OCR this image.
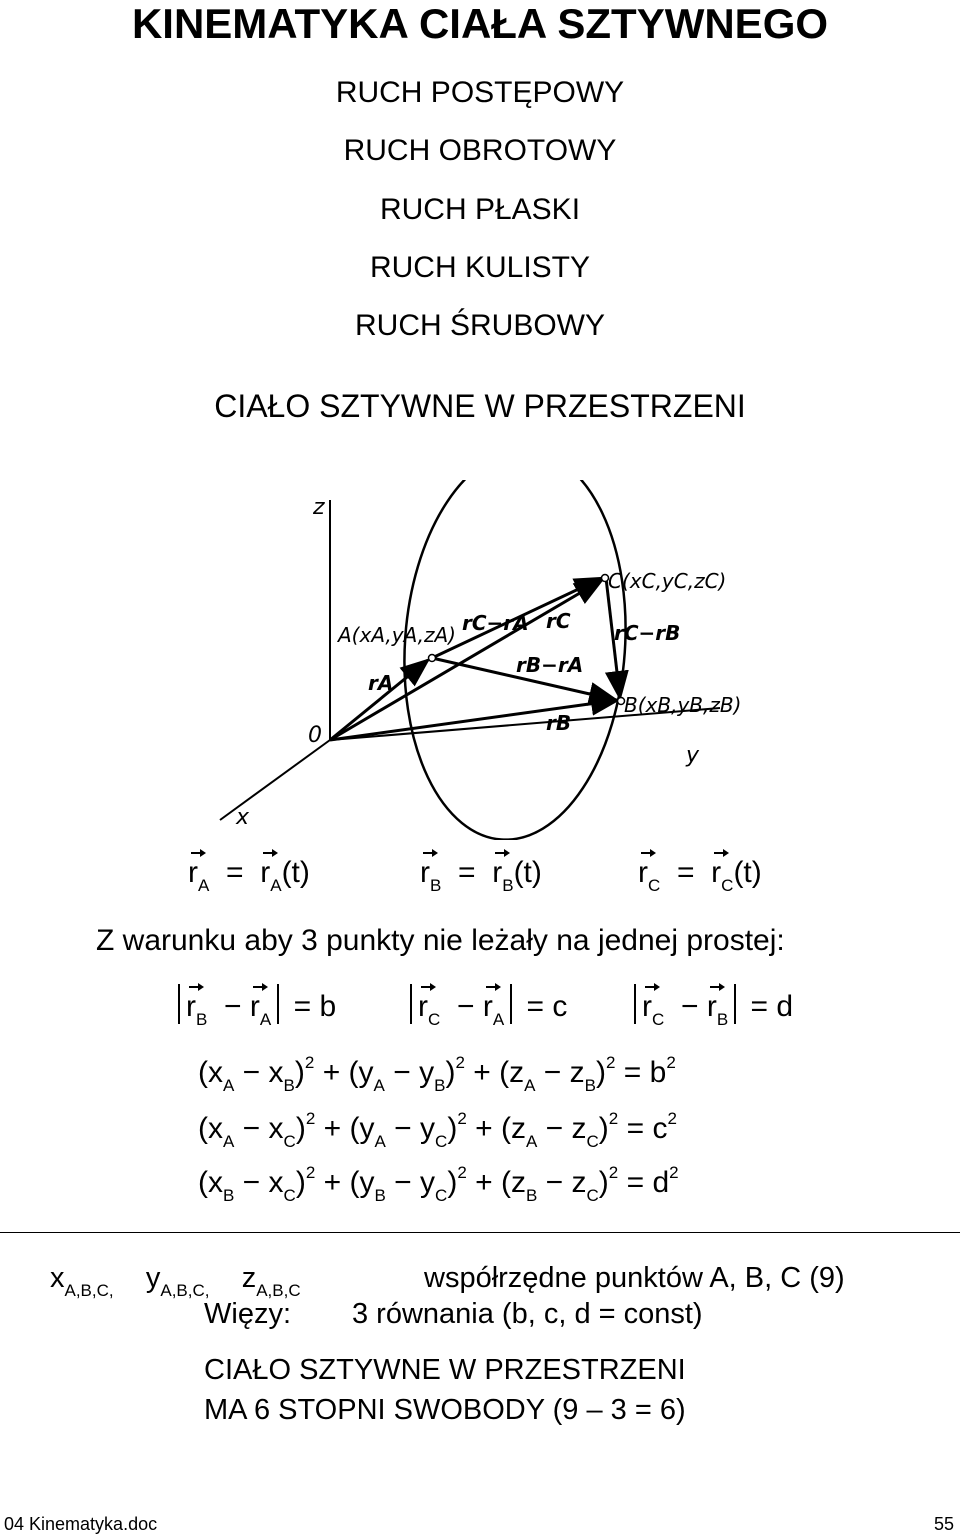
KINEMATYKA CIAŁA SZTYWNEGO
RUCH POSTĘPOWY
RUCH OBROTOWY
RUCH PŁASKI
RUCH KULISTY
RUCH ŚRUBOWY
CIAŁO SZTYWNE W PRZESTRZENI
z
y
x
0
A(xA,yA,zA)
B(xB,yB,zB)
C(xC,yC,zC)
rA
rB
rC
rC−rA
rB−rA
rC−rB
$r_A = r_A(t)$	$r_B = r_B(t)$	$r_C = r_C(t)$
Z warunku aby 3 punkty nie leżały na jednej prostej:
$r_B - r_A = b$	$r_C - r_A = c$	$r_C - r_B = d$
$(x_A - x_B)^2 + (y_A - y_B)^2 + (z_A - z_B)^2 = b^2$
$(x_A - x_C)^2 + (y_A - y_C)^2 + (z_A - z_C)^2 = c^2$
$(x_B - x_C)^2 + (y_B - y_C)^2 + (z_B - z_C)^2 = d^2$
$x_{A,B,C,}$ $y_{A,B,C,}$ $z_{A,B,C}$	współrzędne punktów A, B, C (9)
Więzy: 3 równania (b, c, d = const)
CIAŁO SZTYWNE W PRZESTRZENI
MA 6 STOPNI SWOBODY (9 – 3 = 6)
04 Kinematyka.doc	55
